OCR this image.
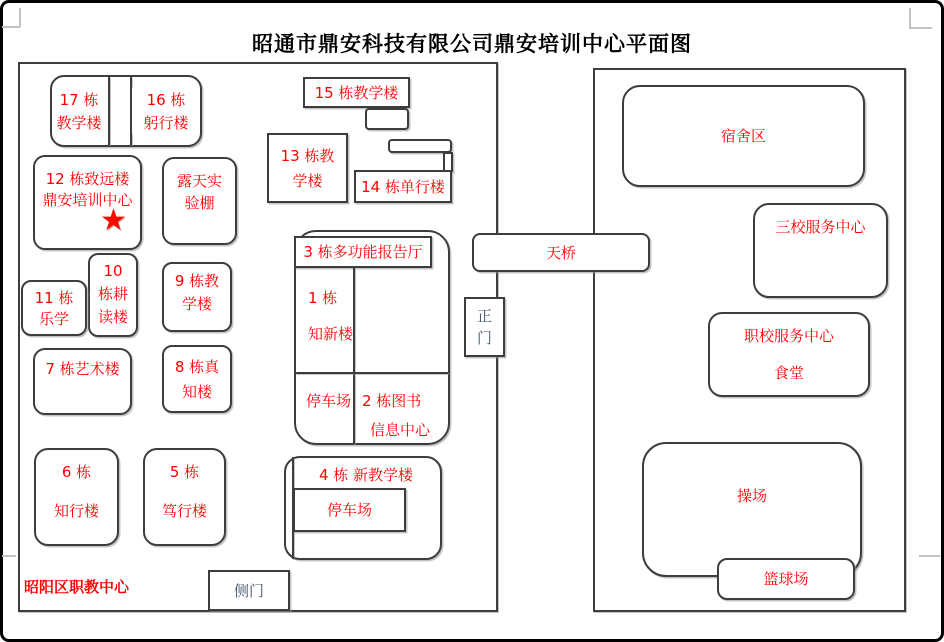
昭通市鼎安科技有限公司鼎安培训中心平面图
17 栋
教学楼
16 栋
躬行楼
12 栋致远楼
鼎安培训中心
★
露天实
验棚
10
栋耕
读楼
11 栋
乐学
9 栋教
学楼
7 栋艺术楼	8 栋真
知楼
6 栋
知行楼
5 栋
笃行楼
15 栋教学楼
13 栋教
学楼	14 栋单行楼
3 栋多功能报告厅
1 栋
知新楼
停车场 2 栋图书
信息中心
停车场
4 栋 新教学楼
天桥
正
门
侧门
昭阳区职教中心
宿舍区
三校服务中心
职校服务中心
食堂
操场
篮球场
